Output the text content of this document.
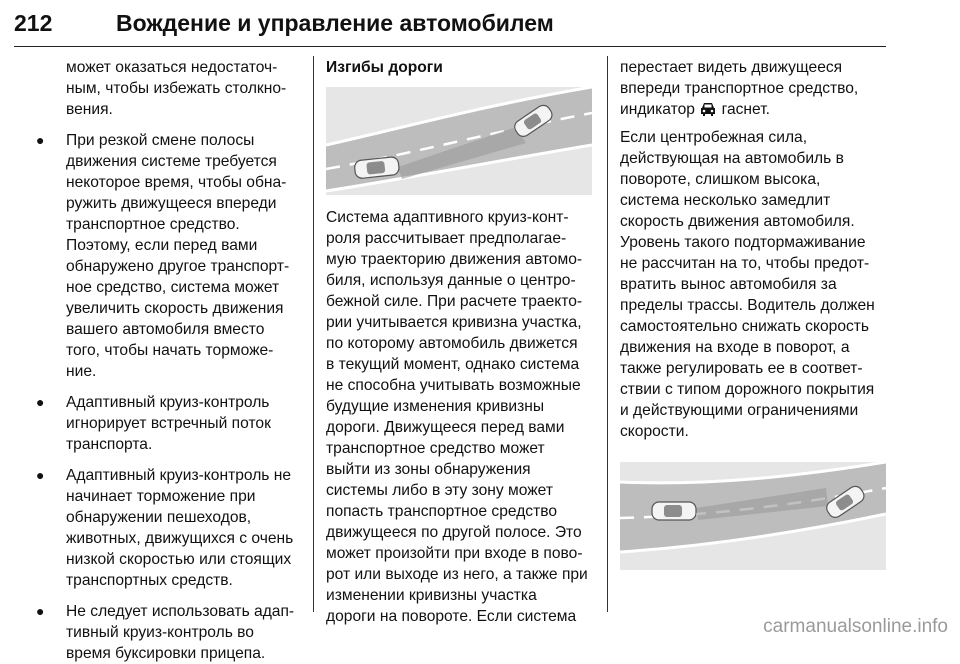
212	Вождение и управление автомобилем

может оказаться недостаточ-
ным, чтобы избежать столкно-
вения.

● При резкой смене полосы
движения системе требуется
некоторое время, чтобы обна-
ружить движущееся впереди
транспортное средство.
Поэтому, если перед вами
обнаружено другое транспорт-
ное средство, система может
увеличить скорость движения
вашего автомобиля вместо
того, чтобы начать торможе-
ние.
● Адаптивный круиз-контроль
игнорирует встречный поток
транспорта.
● Адаптивный круиз-контроль не
начинает торможение при
обнаружении пешеходов,
животных, движущихся с очень
низкой скоростью или стоящих
транспортных средств.
● Не следует использовать адап-
тивный круиз-контроль во
время буксировки прицепа.

Изгибы дороги

Система адаптивного круиз-конт-
роля рассчитывает предполагае-
мую траекторию движения автомо-
биля, используя данные о центро-
бежной силе. При расчете траекто-
рии учитывается кривизна участка,
по которому автомобиль движется
в текущий момент, однако система
не способна учитывать возможные
будущие изменения кривизны
дороги. Движущееся перед вами
транспортное средство может
выйти из зоны обнаружения
системы либо в эту зону может
попасть транспортное средство
движущееся по другой полосе. Это
может произойти при входе в пово-
рот или выходе из него, а также при
изменении кривизны участка
дороги на повороте. Если система

перестает видеть движущееся
впереди транспортное средство,
индикатор  гаснет.

Если центробежная сила,
действующая на автомобиль в
повороте, слишком высока,
система несколько замедлит
скорость движения автомобиля.
Уровень такого подтормаживание
не рассчитан на то, чтобы предот-
вратить вынос автомобиля за
пределы трассы. Водитель должен
самостоятельно снижать скорость
движения на входе в поворот, а
также регулировать ее в соответ-
ствии с типом дорожного покрытия
и действующими ограничениями
скорости.

carmanualsonline.info
